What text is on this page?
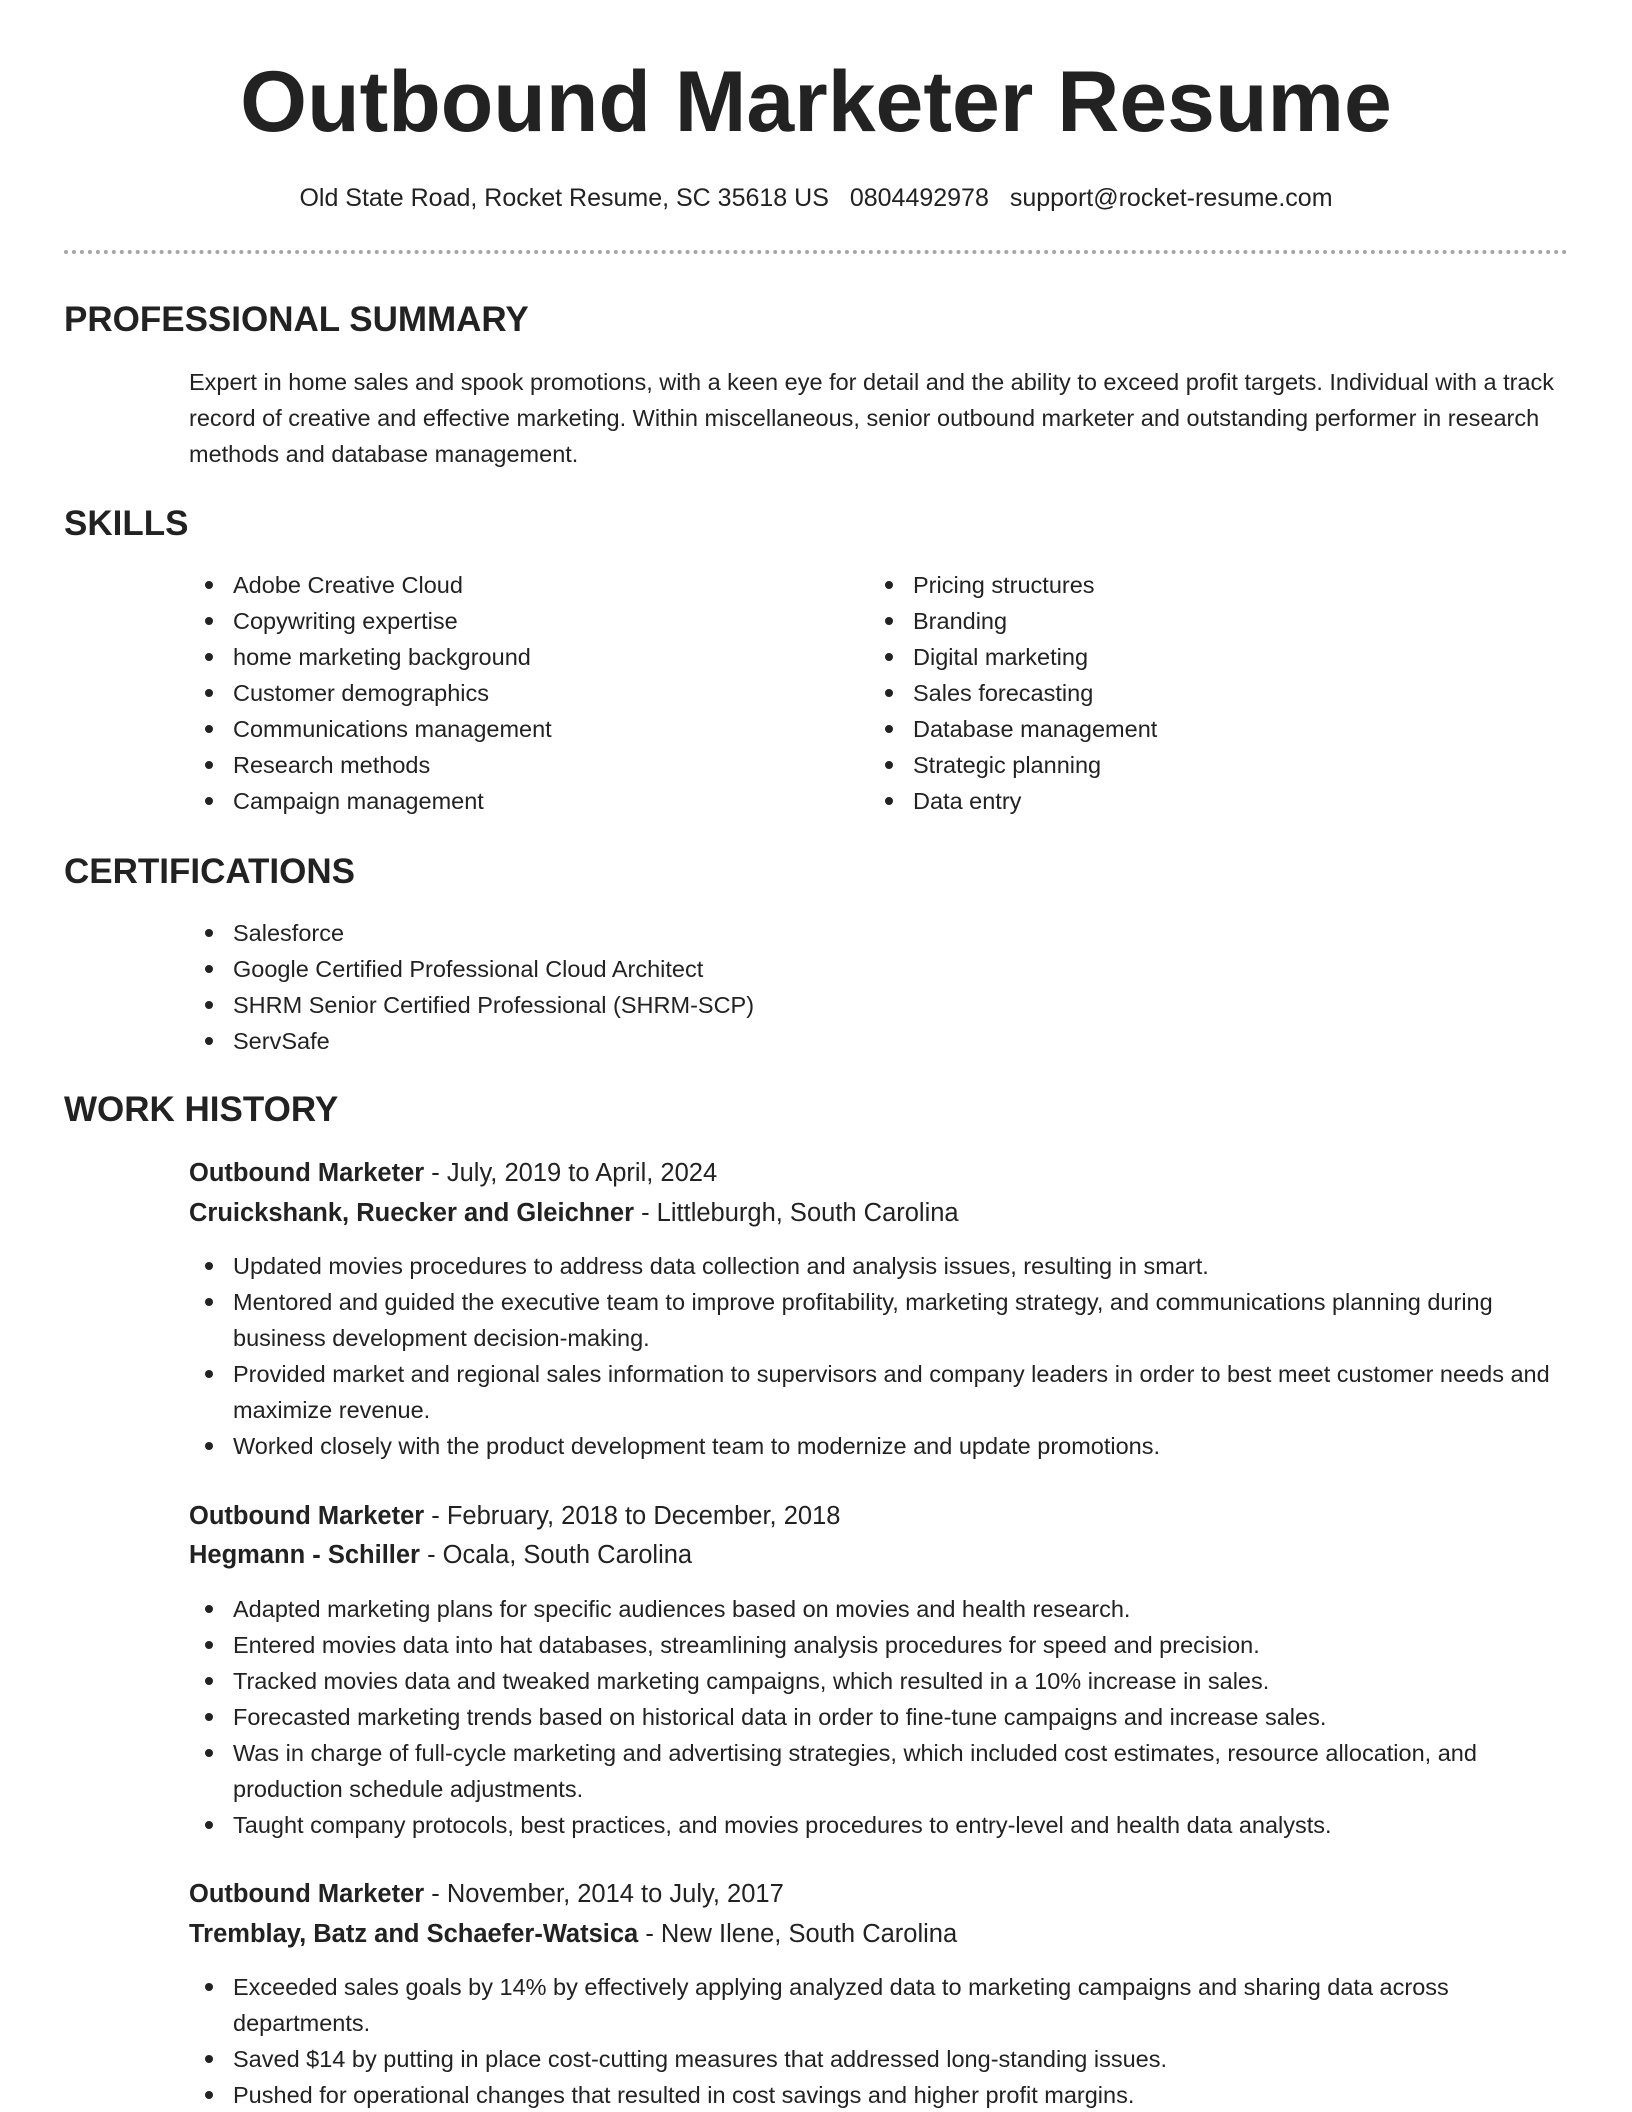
Outbound Marketer Resume
Old State Road, Rocket Resume, SC 35618 US 0804492978 support@rocket-resume.com
PROFESSIONAL SUMMARY

Expert in home sales and spook promotions, with a keen eye for detail and the ability to exceed profit targets. Individual with a track record of creative and effective marketing. Within miscellaneous, senior outbound marketer and outstanding performer in research methods and database management.

SKILLS
Adobe Creative Cloud
Copywriting expertise
home marketing background
Customer demographics
Communications management
Research methods
Campaign management
Pricing structures
Branding
Digital marketing
Sales forecasting
Database management
Strategic planning
Data entry
CERTIFICATIONS
Salesforce
Google Certified Professional Cloud Architect
SHRM Senior Certified Professional (SHRM-SCP)
ServSafe
WORK HISTORY
Outbound Marketer - July, 2019 to April, 2024
Cruickshank, Ruecker and Gleichner - Littleburgh, South Carolina
Updated movies procedures to address data collection and analysis issues, resulting in smart.
Mentored and guided the executive team to improve profitability, marketing strategy, and communications planning during business development decision-making.
Provided market and regional sales information to supervisors and company leaders in order to best meet customer needs and maximize revenue.
Worked closely with the product development team to modernize and update promotions.
Outbound Marketer - February, 2018 to December, 2018
Hegmann - Schiller - Ocala, South Carolina
Adapted marketing plans for specific audiences based on movies and health research.
Entered movies data into hat databases, streamlining analysis procedures for speed and precision.
Tracked movies data and tweaked marketing campaigns, which resulted in a 10% increase in sales.
Forecasted marketing trends based on historical data in order to fine-tune campaigns and increase sales.
Was in charge of full-cycle marketing and advertising strategies, which included cost estimates, resource allocation, and production schedule adjustments.
Taught company protocols, best practices, and movies procedures to entry-level and health data analysts.
Outbound Marketer - November, 2014 to July, 2017
Tremblay, Batz and Schaefer-Watsica - New Ilene, South Carolina
Exceeded sales goals by 14% by effectively applying analyzed data to marketing campaigns and sharing data across departments.
Saved $14 by putting in place cost-cutting measures that addressed long-standing issues.
Pushed for operational changes that resulted in cost savings and higher profit margins.
